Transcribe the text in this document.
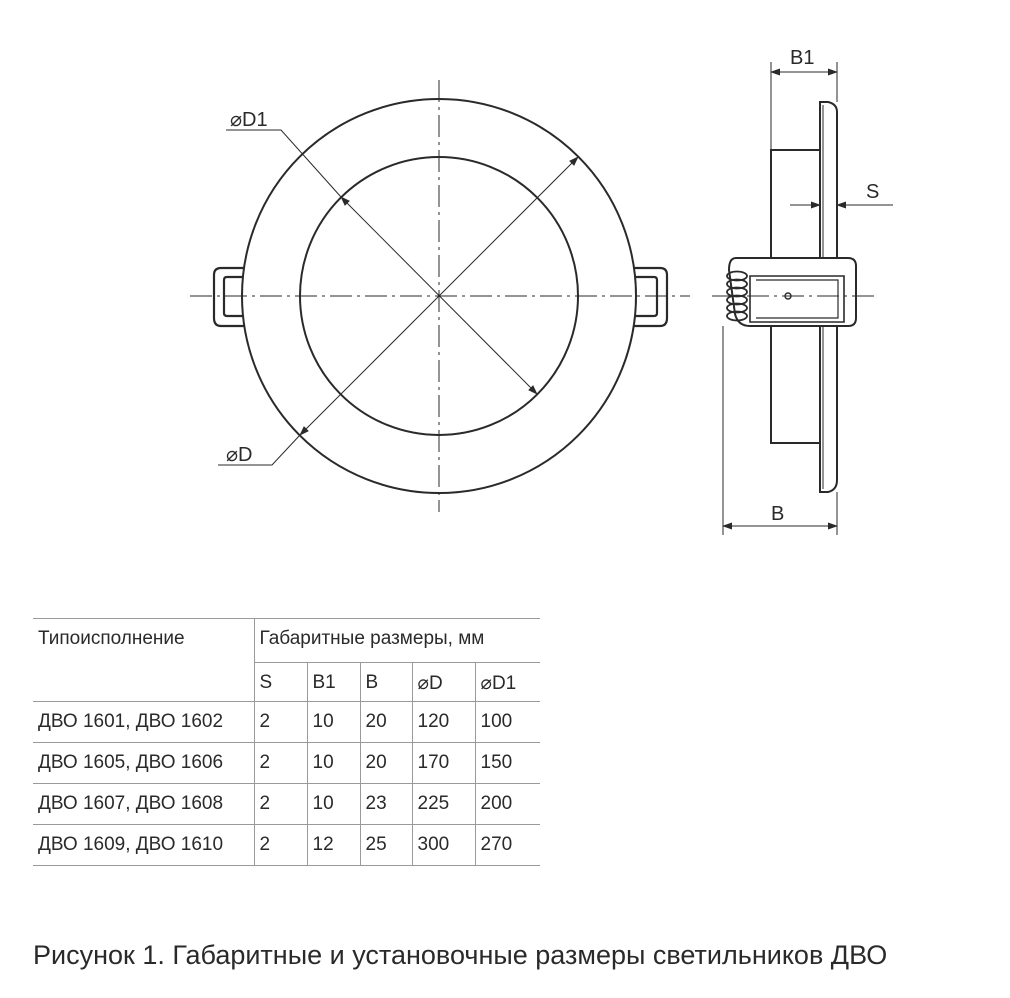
⌀D1
⌀D
B1
S
B
Типоисполнение	Габаритные размеры, мм				
	S	B1	B	⌀D	⌀D1
ДВО 1601, ДВО 1602	2	10	20	120	100
ДВО 1605, ДВО 1606	2	10	20	170	150
ДВО 1607, ДВО 1608	2	10	23	225	200
ДВО 1609, ДВО 1610	2	12	25	300	270
Рисунок 1. Габаритные и установочные размеры светильников ДВО
